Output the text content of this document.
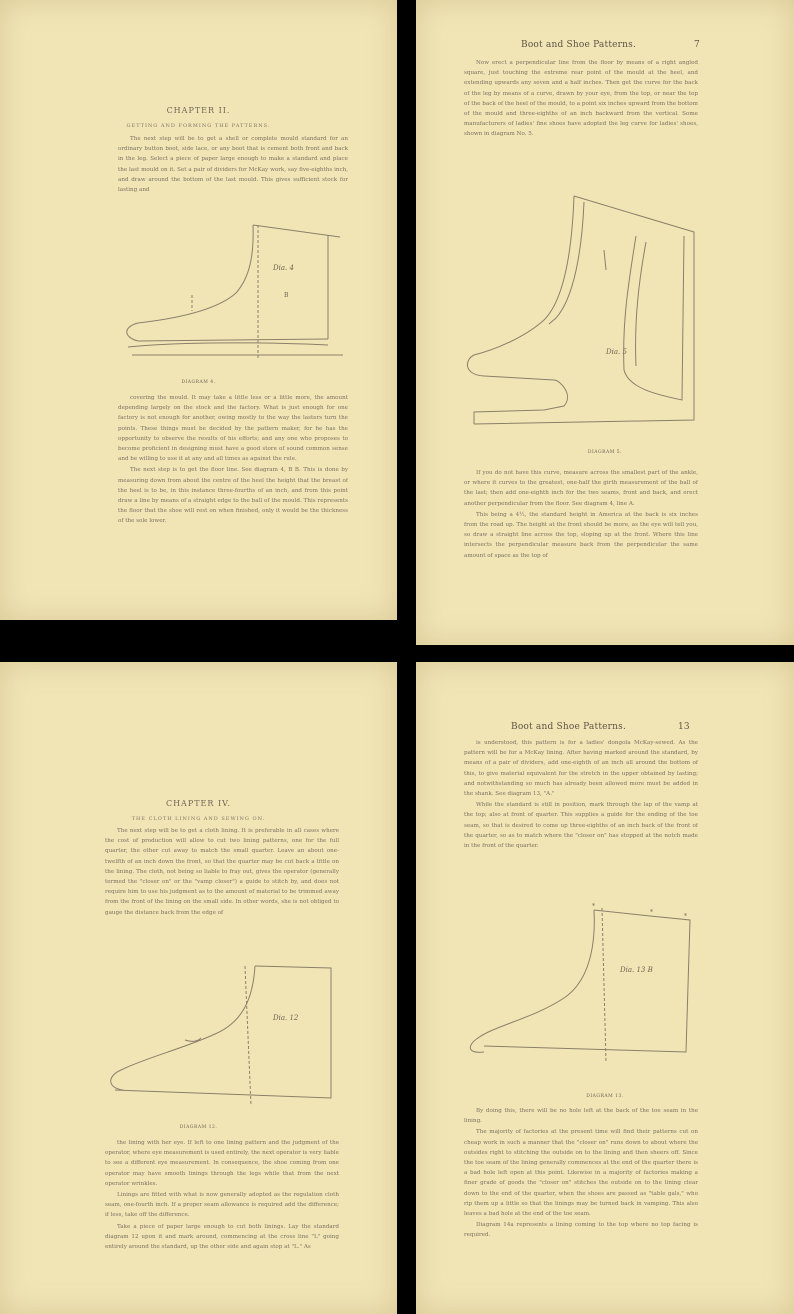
CHAPTER II.
GETTING AND FORMING THE PATTERNS.

The next step will be to get a shell or complete mould standard for an ordinary button boot, side lace, or any boot that is cement both front and back in the leg. Select a piece of paper large enough to make a standard and place the last mould on it. Set a pair of dividers for McKay work, say five-eighths inch, and draw around the bottom of the last mould. This gives sufficient stock for lasting and

Dia. 4
B
DIAGRAM 4.

covering the mould. It may take a little less or a little more, the amount depending largely on the stock and the factory. What is just enough for one factory is not enough for another, owing mostly to the way the lasters turn the points. These things must be decided by the pattern maker, for he has the opportunity to observe the results of his efforts; and any one who proposes to become proficient in designing must have a good store of sound common sense and be willing to use it at any and all times as against the rule.

The next step is to get the floor line. See diagram 4, B B. This is done by measuring down from about the centre of the heel the height that the breast of the heel is to be, in this instance three-fourths of an inch, and from this point draw a line by means of a straight edge to the ball of the mould. This represents the floor that the shoe will rest on when finished, only it would be the thickness of the sole lower.

Boot and Shoe Patterns.	7

Now erect a perpendicular line from the floor by means of a right angled square, just touching the extreme rear point of the mould at the heel, and extending upwards any seven and a half inches. Then get the curve for the back of the leg by means of a curve, drawn by your eye, from the top, or near the top of the back of the heel of the mould, to a point six inches upward from the bottom of the mould and three-eighths of an inch backward from the vertical. Some manufacturers of ladies' fine shoes have adopted the leg curve for ladies' shoes, shown in diagram No. 5.

Dia. 5
DIAGRAM 5.

If you do not have this curve, measure across the smallest part of the ankle, or where it curves to the greatest, one-half the girth measurement of the ball of the last; then add one-eighth inch for the two seams, front and back, and erect another perpendicular from the floor. See diagram 4, line A.

This being a 4½, the standard height in America at the back is six inches from the road up. The height at the front should be more, as the eye will tell you, so draw a straight line across the top, sloping up at the front. Where this line intersects the perpendicular measure back from the perpendicular the same amount of space as the top of

CHAPTER IV.
THE CLOTH LINING AND SEWING ON.

The next step will be to get a cloth lining. It is preferable in all cases where the cost of production will allow to cut two lining patterns, one for the full quarter, the other cut away to match the small quarter. Leave an about one-twelfth of an inch down the front, so that the quarter may be cut back a little on the lining. The cloth, not being so liable to fray out, gives the operator (generally termed the "closer on" or the "vamp closer") a guide to stitch by, and does not require him to use his judgment as to the amount of material to be trimmed away from the front of the lining on the small side. In other words, she is not obliged to gauge the distance back from the edge of

Dia. 12
DIAGRAM 12.

the lining with her eye. If left to one lining pattern and the judgment of the operator, where eye measurement is used entirely, the next operator is very liable to see a different eye measurement. In consequence, the shoe coming from one operator may have smooth linings through the legs while that from the next operator wrinkles.

Linings are fitted with what is now generally adopted as the regulation cloth seam, one-fourth inch. If a proper seam allowance is required add the difference; if less, take off the difference.

Take a piece of paper large enough to cut both linings. Lay the standard diagram 12 upon it and mark around, commencing at the cross line "L" going entirely around the standard, up the other side and again stop at "L." As

Boot and Shoe Patterns.	13

is understood, this pattern is for a ladies' dongola McKay-sewed. As the pattern will be for a McKay lining. After having marked around the standard, by means of a pair of dividers, add one-eighth of an inch all around the bottom of this, to give material equivalent for the stretch in the upper obtained by lasting; and notwithstanding so much has already been allowed more must be added in the shank. See diagram 13, "A."

While the standard is still in position, mark through the lap of the vamp at the top; also at front of quarter. This supplies a guide for the ending of the toe seam, so that is desired to come up three-eighths of an inch back of the front of the quarter, so as to match where the "closer on" has stopped at the notch made in the front of the quarter.

*
*
*
Dia. 13 B
DIAGRAM 13.

By doing this, there will be no hole left at the back of the toe seam in the lining.

The majority of factories at the present time will find their patterns cut on cheap work in such a manner that the "closer on" runs down to about where the outsides right to stitching the outside on to the lining and then sheers off. Since the toe seam of the lining generally commences at the end of the quarter there is a bad hole left open at this point. Likewise in a majority of factories making a finer grade of goods the "closer on" stitches the outside on to the lining clear down to the end of the quarter, when the shoes are passed as "table gals," who rip them up a little so that the linings may be turned back in vamping. This also leaves a bad hole at the end of the toe seam.

Diagram 14a represents a lining coming to the top where no top facing is required.
